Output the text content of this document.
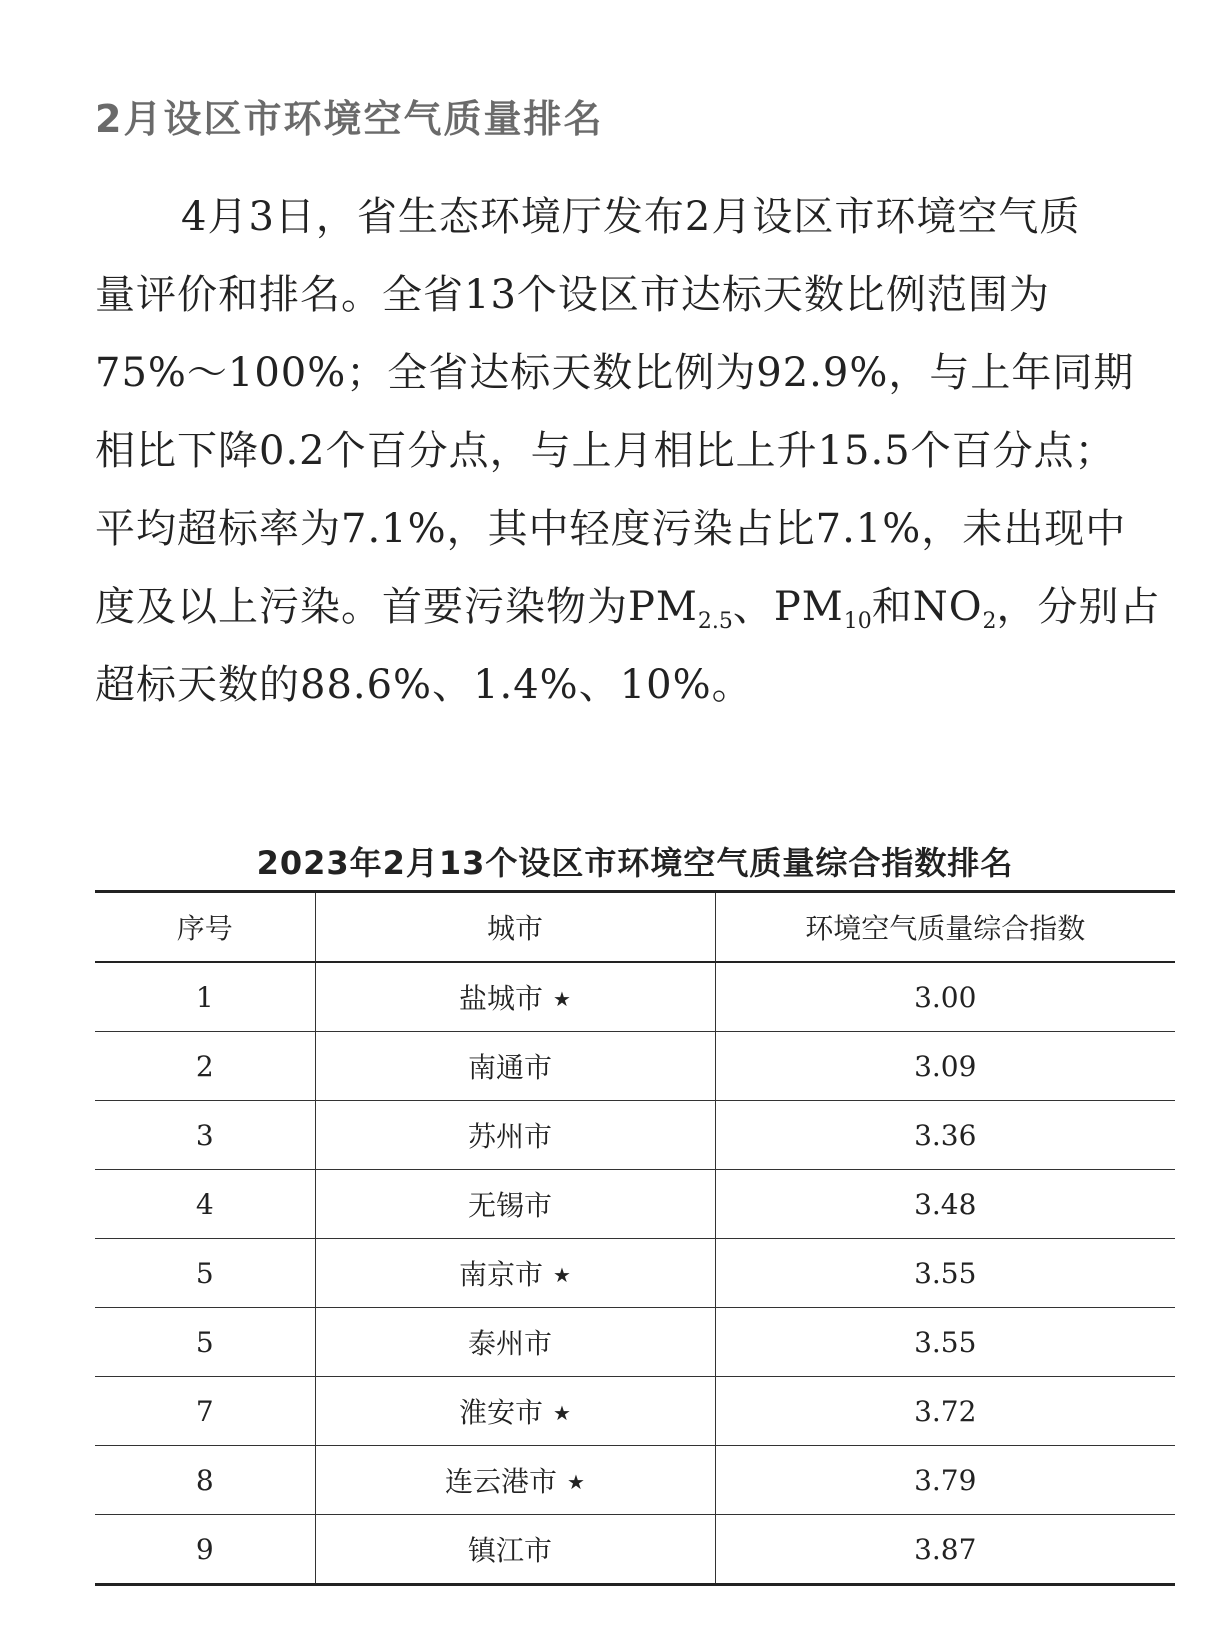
2月设区市环境空气质量排名
4月3日，省生态环境厅发布2月设区市环境空气质
量评价和排名。全省13个设区市达标天数比例范围为
75%～100%；全省达标天数比例为92.9%，与上年同期
相比下降0.2个百分点，与上月相比上升15.5个百分点；
平均超标率为7.1%，其中轻度污染占比7.1%，未出现中
度及以上污染。首要污染物为$PM_{2.5}$、$PM_{10}$和$NO_2$，分别占
超标天数的88.6%、1.4%、10%。
2023年2月13个设区市环境空气质量综合指数排名
序号	城市	环境空气质量综合指数
1	盐城市 ★	3.00
2	南通市	3.09
3	苏州市	3.36
4	无锡市	3.48
5	南京市 ★	3.55
5	泰州市	3.55
7	淮安市 ★	3.72
8	连云港市 ★	3.79
9	镇江市	3.87
